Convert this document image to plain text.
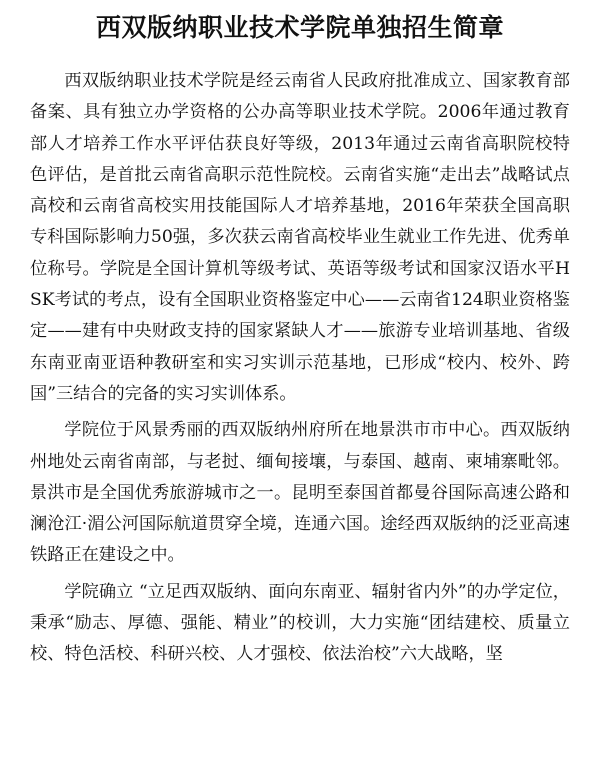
西双版纳职业技术学院单独招生简章

西双版纳职业技术学院是经云南省人民政府批准成立、国家教育部备案、具有独立办学资格的公办高等职业技术学院。2006年通过教育部人才培养工作水平评估获良好等级，2013年通过云南省高职院校特色评估，是首批云南省高职示范性院校。云南省实施“走出去”战略试点高校和云南省高校实用技能国际人才培养基地，2016年荣获全国高职专科国际影响力50强，多次获云南省高校毕业生就业工作先进、优秀单位称号。学院是全国计算机等级考试、英语等级考试和国家汉语水平HSK考试的考点，设有全国职业资格鉴定中心——云南省124职业资格鉴定——建有中央财政支持的国家紧缺人才——旅游专业培训基地、省级东南亚南亚语种教研室和实习实训示范基地，已形成“校内、校外、跨国”三结合的完备的实习实训体系。

学院位于风景秀丽的西双版纳州府所在地景洪市市中心。西双版纳州地处云南省南部，与老挝、缅甸接壤，与泰国、越南、柬埔寨毗邻。景洪市是全国优秀旅游城市之一。昆明至泰国首都曼谷国际高速公路和澜沧江·湄公河国际航道贯穿全境，连通六国。途经西双版纳的泛亚高速铁路正在建设之中。

学院确立 “立足西双版纳、面向东南亚、辐射省内外”的办学定位，秉承“励志、厚德、强能、精业”的校训，大力实施“团结建校、质量立校、特色活校、科研兴校、人才强校、依法治校”六大战略，坚
